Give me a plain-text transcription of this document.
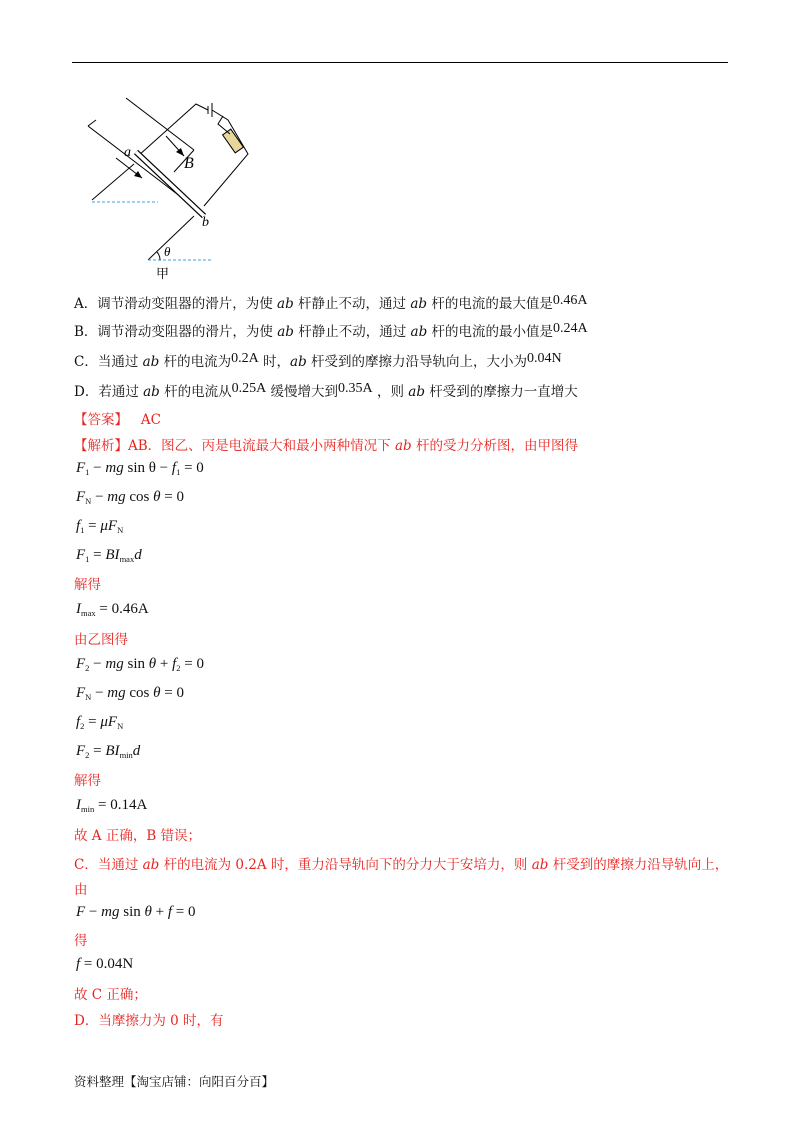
a
B
b
θ
甲
A．调节滑动变阻器的滑片，为使 ab 杆静止不动，通过 ab 杆的电流的最大值是0.46A
B．调节滑动变阻器的滑片，为使 ab 杆静止不动，通过 ab 杆的电流的最小值是0.24A
C．当通过 ab 杆的电流为0.2A 时，ab 杆受到的摩擦力沿导轨向上，大小为0.04N
D．若通过 ab 杆的电流从0.25A 缓慢增大到0.35A ，则 ab 杆受到的摩擦力一直增大
【答案】 AC
【解析】AB．图乙、丙是电流最大和最小两种情况下 ab 杆的受力分析图，由甲图得
$F_1$ − mg $\sin \theta - f_1 = 0$
$F_N$ − mg cos θ = 0
$f_1 = \mu F_N$
$F_1 = BI_{max}d$
解得
$I_{max} = 0.46A$
由乙图得
$F_2$ − mg $\sin \theta + f_2 = 0$
$F_N$ − mg cos θ = 0
$f_2 = \mu F_N$
$F_2 = BI_{min}d$
解得
$I_{min} = 0.14A$
故 A 正确，B 错误；
C．当通过 ab 杆的电流为 0.2A 时，重力沿导轨向下的分力大于安培力，则 ab 杆受到的摩擦力沿导轨向上，
由
F − mg sin θ + f = 0
得
f = 0.04N
故 C 正确；
D．当摩擦力为 0 时，有
资料整理【淘宝店铺：向阳百分百】
